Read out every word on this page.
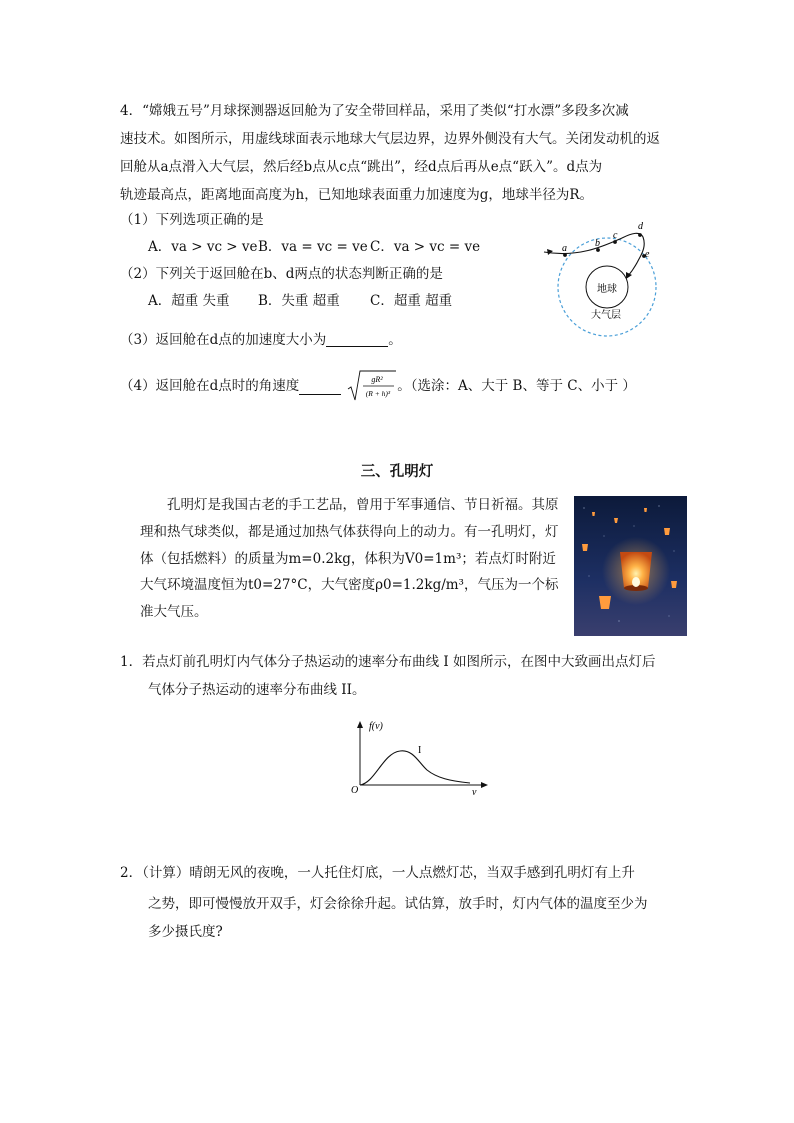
4．“嫦娥五号”月球探测器返回舱为了安全带回样品，采用了类似“打水漂”多段多次减
速技术。如图所示，用虚线球面表示地球大气层边界，边界外侧没有大气。关闭发动机的返
回舱从a点滑入大气层，然后经b点从c点“跳出”，经d点后再从e点“跃入”。d点为
轨迹最高点，距离地面高度为h，已知地球表面重力加速度为g，地球半径为R。
（1）下列选项正确的是
A．va > vc > ve B．va = vc = ve C．va > vc = ve
（2）下列关于返回舱在b、d两点的状态判断正确的是
A．超重 失重 B．失重 超重 C．超重 超重
（3）返回舱在d点的加速度大小为	。
（4）返回舱在d点时的角速度	gR²
(R + h)³ 。（选涂：A、大于 B、等于 C、小于 ）
地球
大气层
a	b
c
d
e
三、孔明灯
孔明灯是我国古老的手工艺品，曾用于军事通信、节日祈福。其原理和热气球类似，都是通过加热气体获得向上的动力。有一孔明灯，灯体（包括燃料）的质量为m=0.2kg，体积为V0=1m³；若点灯时附近大气环境温度恒为t0=27°C，大气密度ρ0=1.2kg/m³，气压为一个标准大气压。
1．若点灯前孔明灯内气体分子热运动的速率分布曲线 I 如图所示，在图中大致画出点灯后
气体分子热运动的速率分布曲线 II。
f(v)
v
O
I
2．（计算）晴朗无风的夜晚，一人托住灯底，一人点燃灯芯，当双手感到孔明灯有上升
之势，即可慢慢放开双手，灯会徐徐升起。试估算，放手时，灯内气体的温度至少为
多少摄氏度?
